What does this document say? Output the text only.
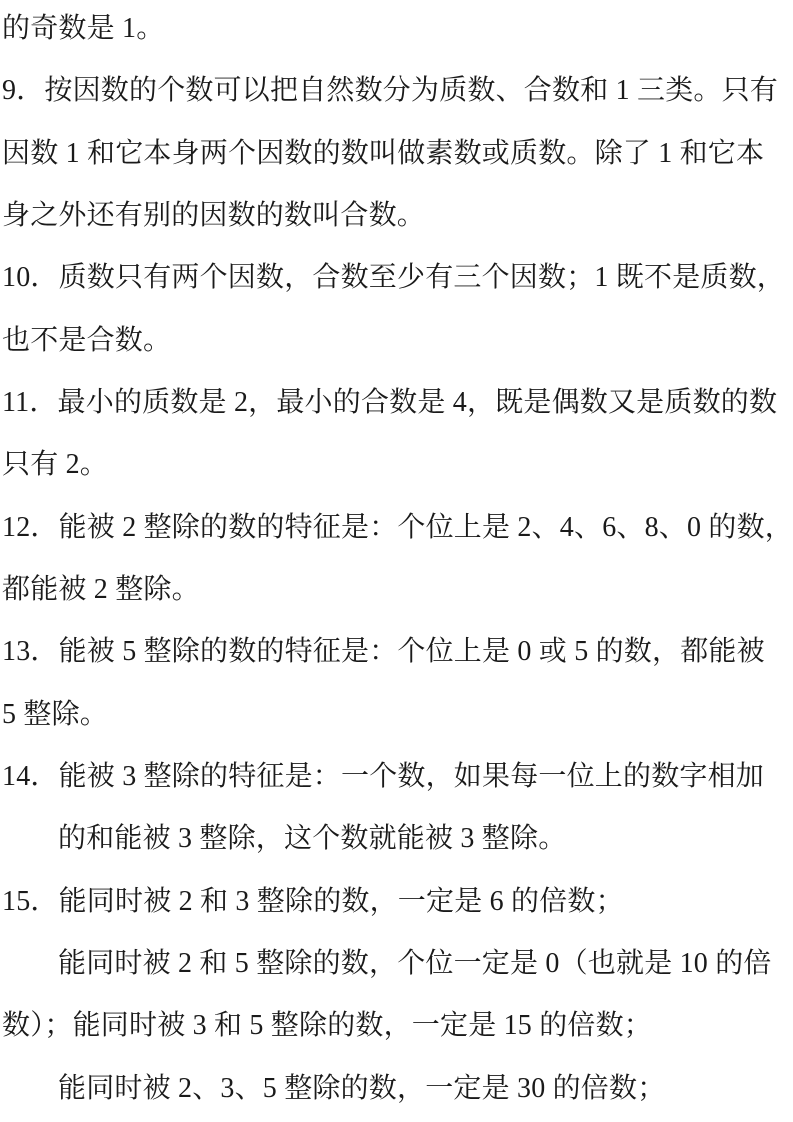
的奇数是 1。
9．按因数的个数可以把自然数分为质数、合数和 1 三类。只有
因数 1 和它本身两个因数的数叫做素数或质数。除了 1 和它本
身之外还有别的因数的数叫合数。
10．质数只有两个因数，合数至少有三个因数；1 既不是质数，
也不是合数。
11．最小的质数是 2，最小的合数是 4，既是偶数又是质数的数
只有 2。
12．能被 2 整除的数的特征是：个位上是 2、4、6、8、0 的数，
都能被 2 整除。
13．能被 5 整除的数的特征是：个位上是 0 或 5 的数，都能被
5 整除。
14．能被 3 整除的特征是：一个数，如果每一位上的数字相加
的和能被 3 整除，这个数就能被 3 整除。
15．能同时被 2 和 3 整除的数，一定是 6 的倍数；
能同时被 2 和 5 整除的数，个位一定是 0（也就是 10 的倍
数）；能同时被 3 和 5 整除的数，一定是 15 的倍数；
能同时被 2、3、5 整除的数，一定是 30 的倍数；
